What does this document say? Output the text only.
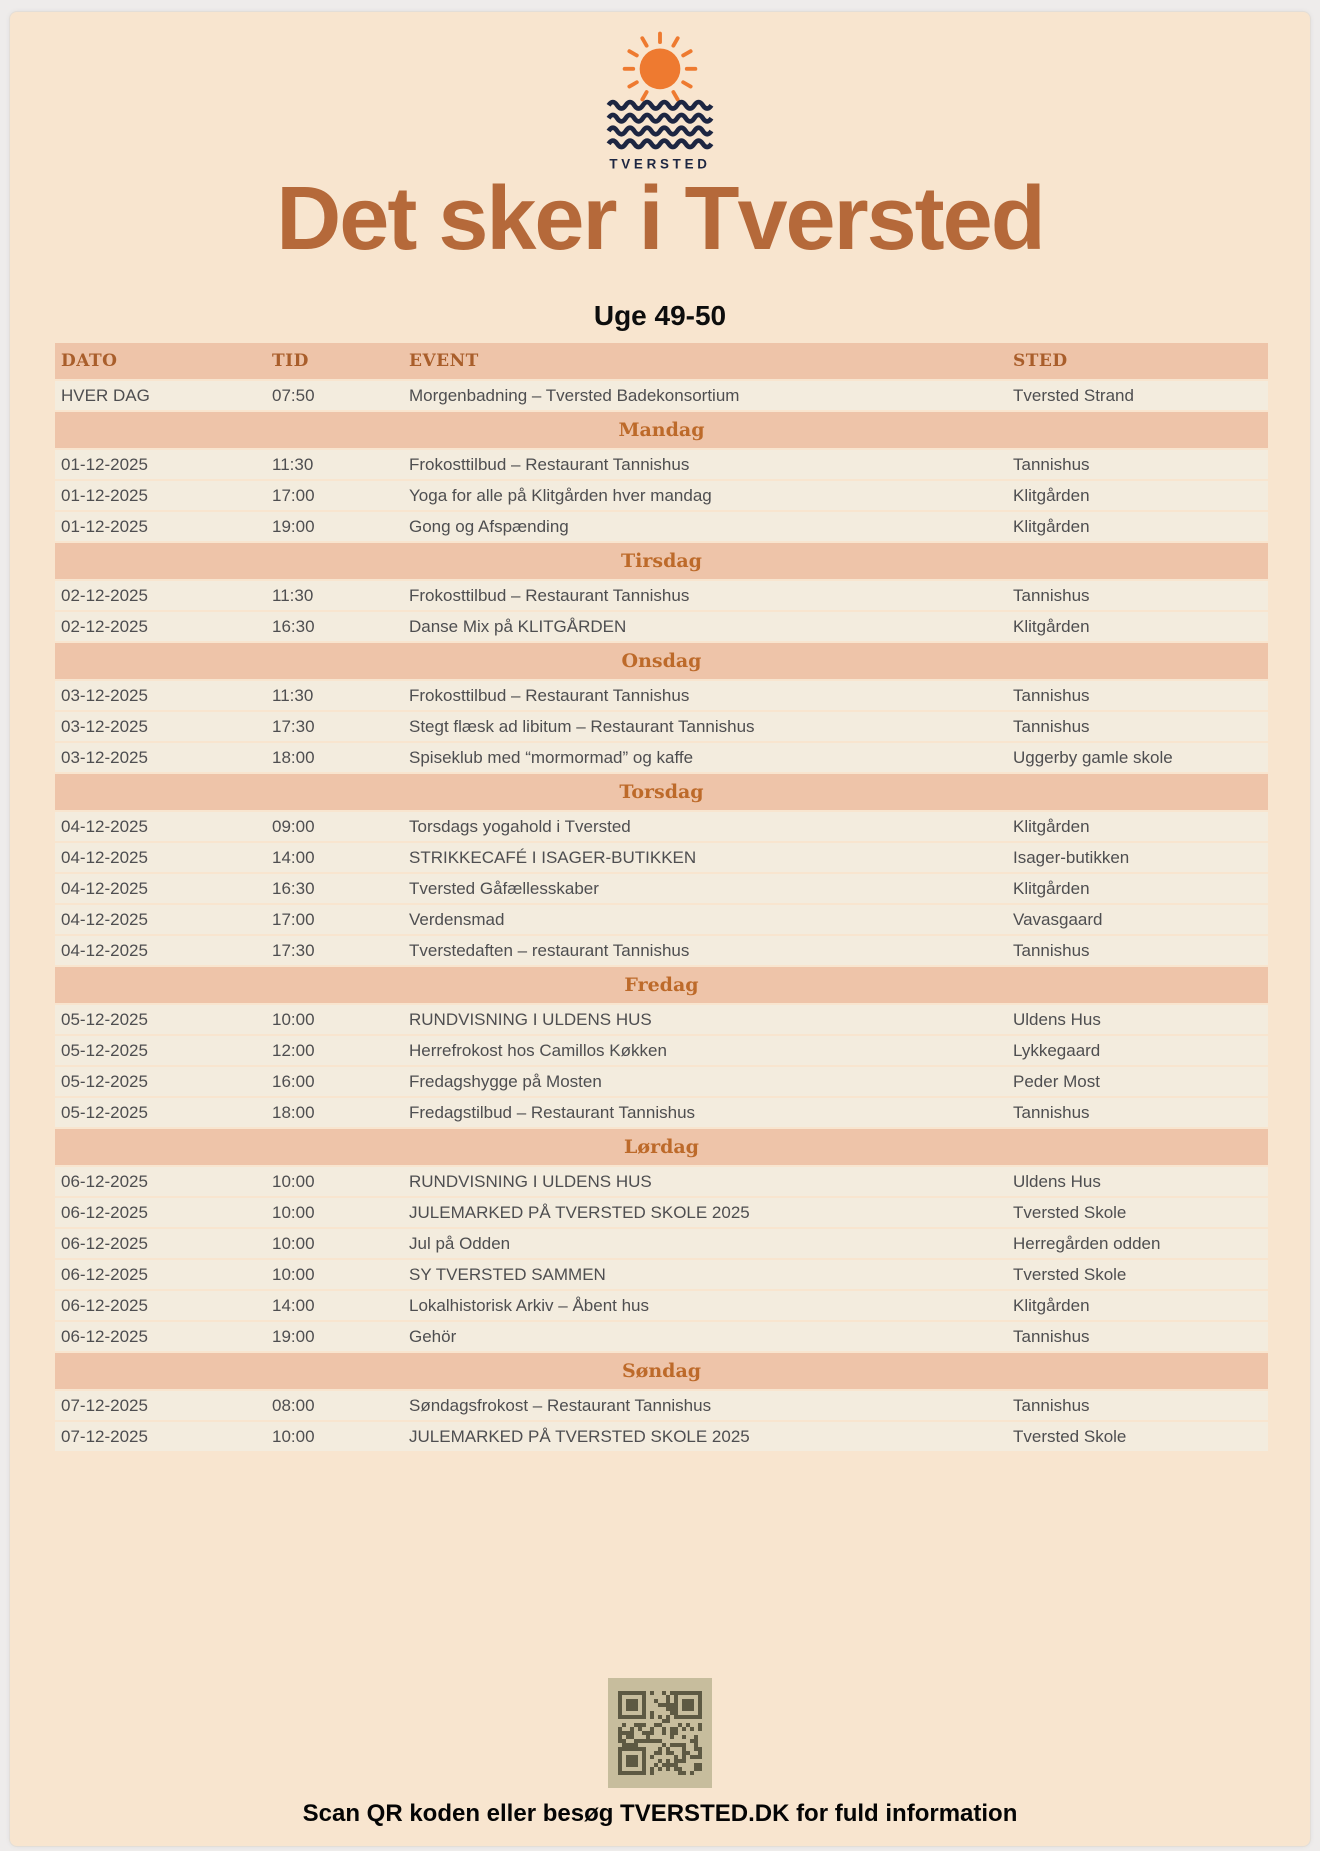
TVERSTED
Det sker i Tversted
Uge 49-50
DATO	TID	EVENT	STED
HVER DAG	07:50	Morgenbadning – Tversted Badekonsortium	Tversted Strand
Mandag
01-12-2025	11:30	Frokosttilbud – Restaurant Tannishus	Tannishus
01-12-2025	17:00	Yoga for alle på Klitgården hver mandag	Klitgården
01-12-2025	19:00	Gong og Afspænding	Klitgården
Tirsdag
02-12-2025	11:30	Frokosttilbud – Restaurant Tannishus	Tannishus
02-12-2025	16:30	Danse Mix på KLITGÅRDEN	Klitgården
Onsdag
03-12-2025	11:30	Frokosttilbud – Restaurant Tannishus	Tannishus
03-12-2025	17:30	Stegt flæsk ad libitum – Restaurant Tannishus	Tannishus
03-12-2025	18:00	Spiseklub med “mormormad” og kaffe	Uggerby gamle skole
Torsdag
04-12-2025	09:00	Torsdags yogahold i Tversted	Klitgården
04-12-2025	14:00	STRIKKECAFÉ I ISAGER-BUTIKKEN	Isager-butikken
04-12-2025	16:30	Tversted Gåfællesskaber	Klitgården
04-12-2025	17:00	Verdensmad	Vavasgaard
04-12-2025	17:30	Tverstedaften – restaurant Tannishus	Tannishus
Fredag
05-12-2025	10:00	RUNDVISNING I ULDENS HUS	Uldens Hus
05-12-2025	12:00	Herrefrokost hos Camillos Køkken	Lykkegaard
05-12-2025	16:00	Fredagshygge på Mosten	Peder Most
05-12-2025	18:00	Fredagstilbud – Restaurant Tannishus	Tannishus
Lørdag
06-12-2025	10:00	RUNDVISNING I ULDENS HUS	Uldens Hus
06-12-2025	10:00	JULEMARKED PÅ TVERSTED SKOLE 2025	Tversted Skole
06-12-2025	10:00	Jul på Odden	Herregården odden
06-12-2025	10:00	SY TVERSTED SAMMEN	Tversted Skole
06-12-2025	14:00	Lokalhistorisk Arkiv – Åbent hus	Klitgården
06-12-2025	19:00	Gehör	Tannishus
Søndag
07-12-2025	08:00	Søndagsfrokost – Restaurant Tannishus	Tannishus
07-12-2025	10:00	JULEMARKED PÅ TVERSTED SKOLE 2025	Tversted Skole
Scan QR koden eller besøg TVERSTED.DK for fuld information
